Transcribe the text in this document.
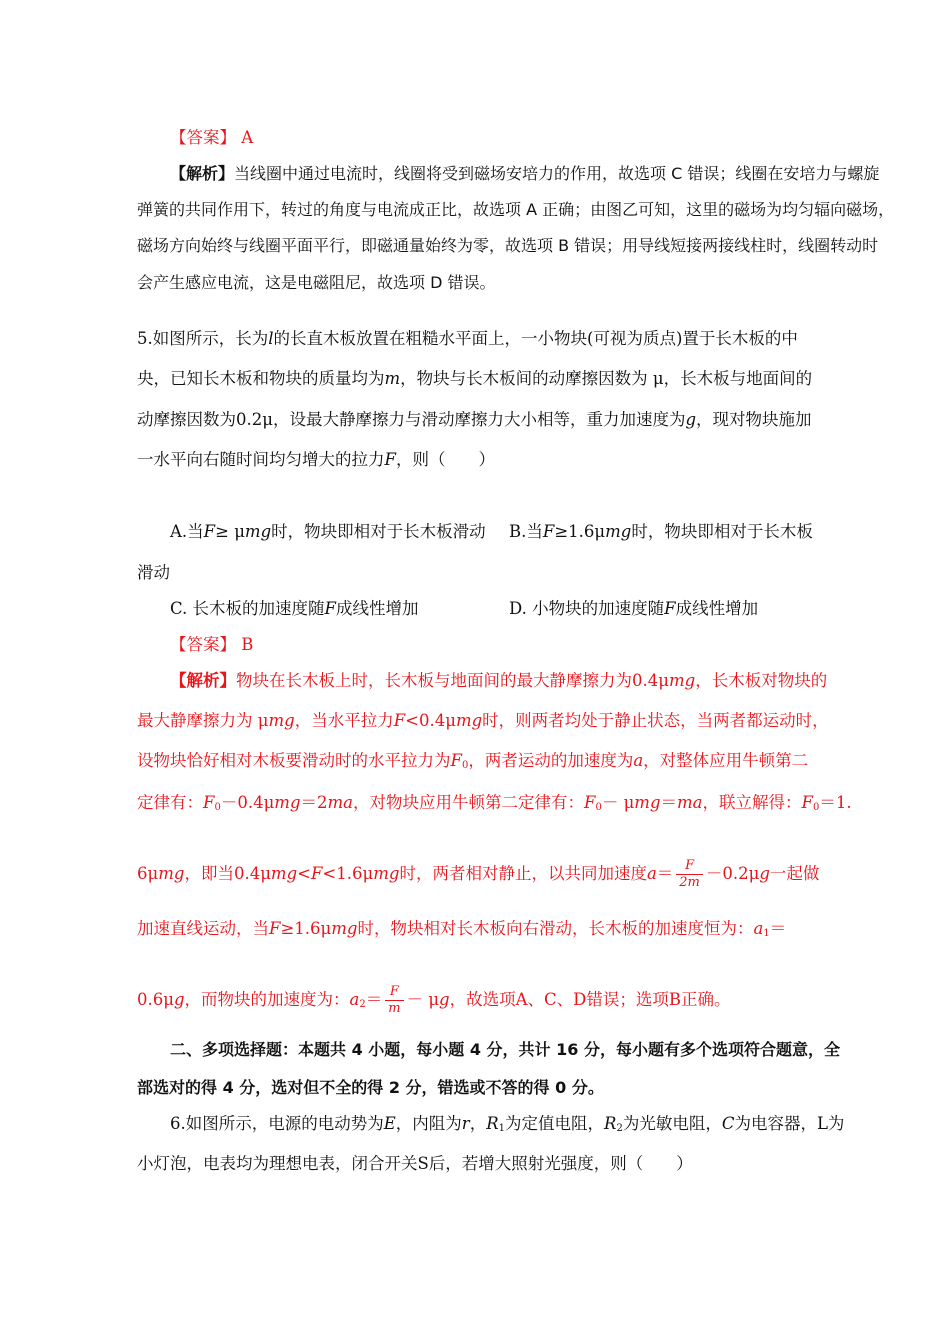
【答案】 A
【解析】当线圈中通过电流时，线圈将受到磁场安培力的作用，故选项 C 错误；线圈在安培力与螺旋
弹簧的共同作用下，转过的角度与电流成正比，故选项 A 正确；由图乙可知，这里的磁场为均匀辐向磁场，
磁场方向始终与线圈平面平行，即磁通量始终为零，故选项 B 错误；用导线短接两接线柱时，线圈转动时
会产生感应电流，这是电磁阻尼，故选项 D 错误。
5.如图所示，长为l的长直木板放置在粗糙水平面上，一小物块(可视为质点)置于长木板的中
央，已知长木板和物块的质量均为m，物块与长木板间的动摩擦因数为 μ，长木板与地面间的
动摩擦因数为0.2μ，设最大静摩擦力与滑动摩擦力大小相等，重力加速度为g，现对物块施加
一水平向右随时间均匀增大的拉力F，则（　　）
A.当F≥ μmg时，物块即相对于长木板滑动 B.当F≥1.6μmg时，物块即相对于长木板
滑动
C. 长木板的加速度随F成线性增加	D. 小物块的加速度随F成线性增加
【答案】 B
【解析】物块在长木板上时，长木板与地面间的最大静摩擦力为0.4μmg，长木板对物块的
最大静摩擦力为 μmg，当水平拉力F<0.4μmg时，则两者均处于静止状态，当两者都运动时，
设物块恰好相对木板要滑动时的水平拉力为$F_0$，两者运动的加速度为a，对整体应用牛顿第二
定律有：$F_0-0.4\mu mg=2ma$，对物块应用牛顿第二定律有：$F_0- \mu mg=ma$，联立解得：$F_0=1$.
6μmg，即当0.4μmg<F<1.6μmg时，两者相对静止，以共同加速度$a= \frac{F}{2m} -0.2\mu g$一起做
加速直线运动，当F≥1.6μmg时，物块相对长木板向右滑动，长木板的加速度恒为：$a_1=$
0.6μg，而物块的加速度为：$a_2= \frac{F}{m} - \mu g$，故选项A、C、D错误；选项B正确。
二、多项选择题：本题共 4 小题，每小题 4 分，共计 16 分，每小题有多个选项符合题意，全
部选对的得 4 分，选对但不全的得 2 分，错选或不答的得 0 分。
6.如图所示，电源的电动势为E，内阻为r，$R_1$为定值电阻，$R_2$为光敏电阻，C为电容器，L为
小灯泡，电表均为理想电表，闭合开关S后，若增大照射光强度，则（　　）
